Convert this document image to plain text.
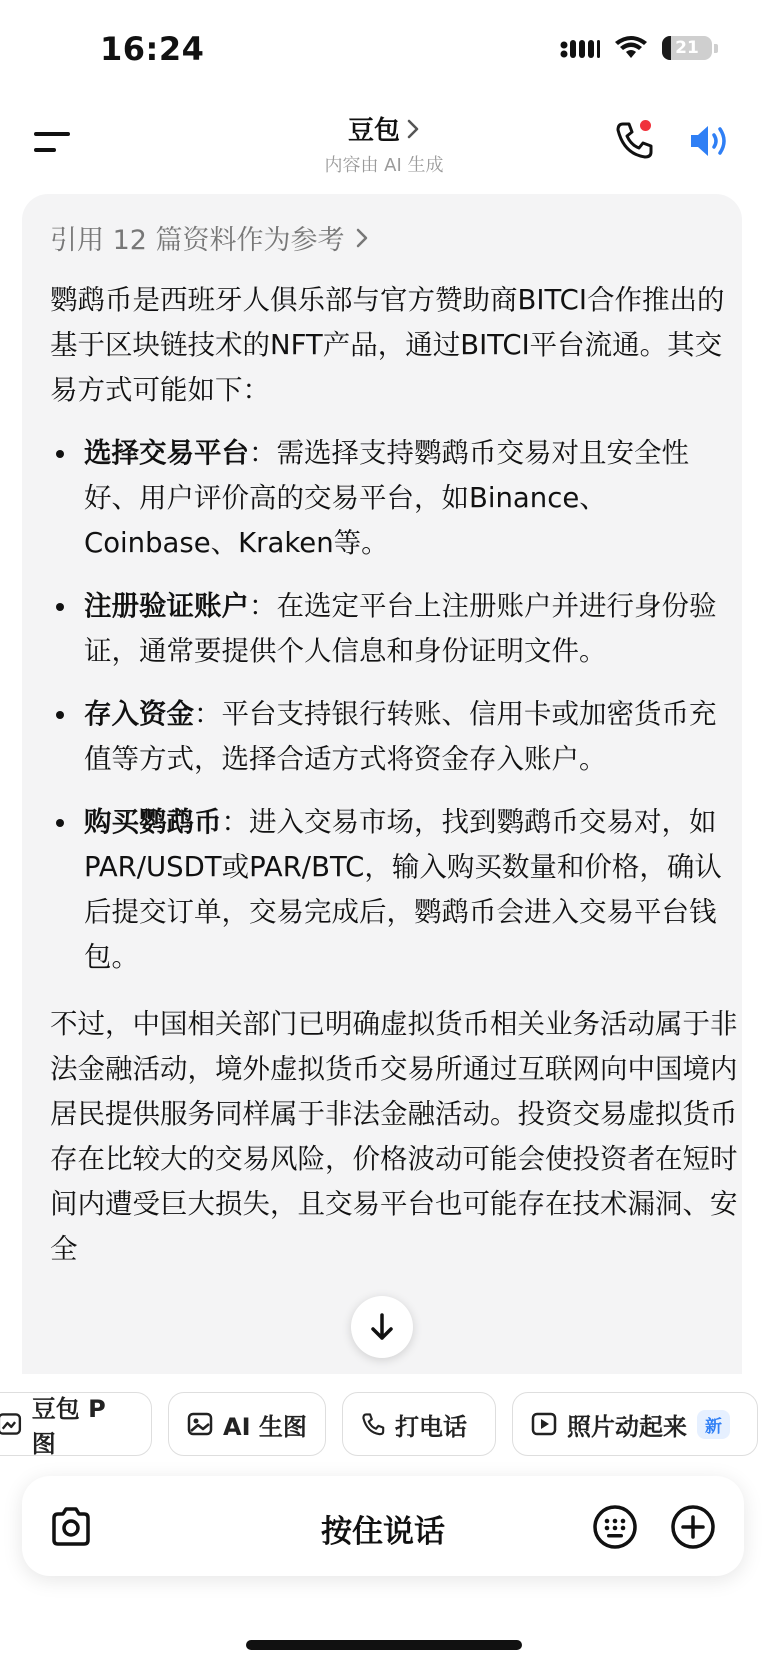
16:24	21
豆包
内容由 AI 生成
引用 12 篇资料作为参考

鹦鹉币是西班牙人俱乐部与官方赞助商BITCI合作推出的基于区块链技术的NFT产品，通过BITCI平台流通。其交易方式可能如下：

选择交易平台：需选择支持鹦鹉币交易对且安全性好、用户评价高的交易平台，如Binance、Coinbase、Kraken等。
注册验证账户：在选定平台上注册账户并进行身份验证，通常要提供个人信息和身份证明文件。
存入资金：平台支持银行转账、信用卡或加密货币充值等方式，选择合适方式将资金存入账户。
购买鹦鹉币：进入交易市场，找到鹦鹉币交易对，如PAR/USDT或PAR/BTC，输入购买数量和价格，确认后提交订单，交易完成后，鹦鹉币会进入交易平台钱包。

不过，中国相关部门已明确虚拟货币相关业务活动属于非法金融活动，境外虚拟货币交易所通过互联网向中国境内居民提供服务同样属于非法金融活动。投资交易虚拟货币存在比较大的交易风险，价格波动可能会使投资者在短时间内遭受巨大损失，且交易平台也可能存在技术漏洞、安全

豆包 P 图
AI 生图	打电话	照片动起来	新
按住说话
